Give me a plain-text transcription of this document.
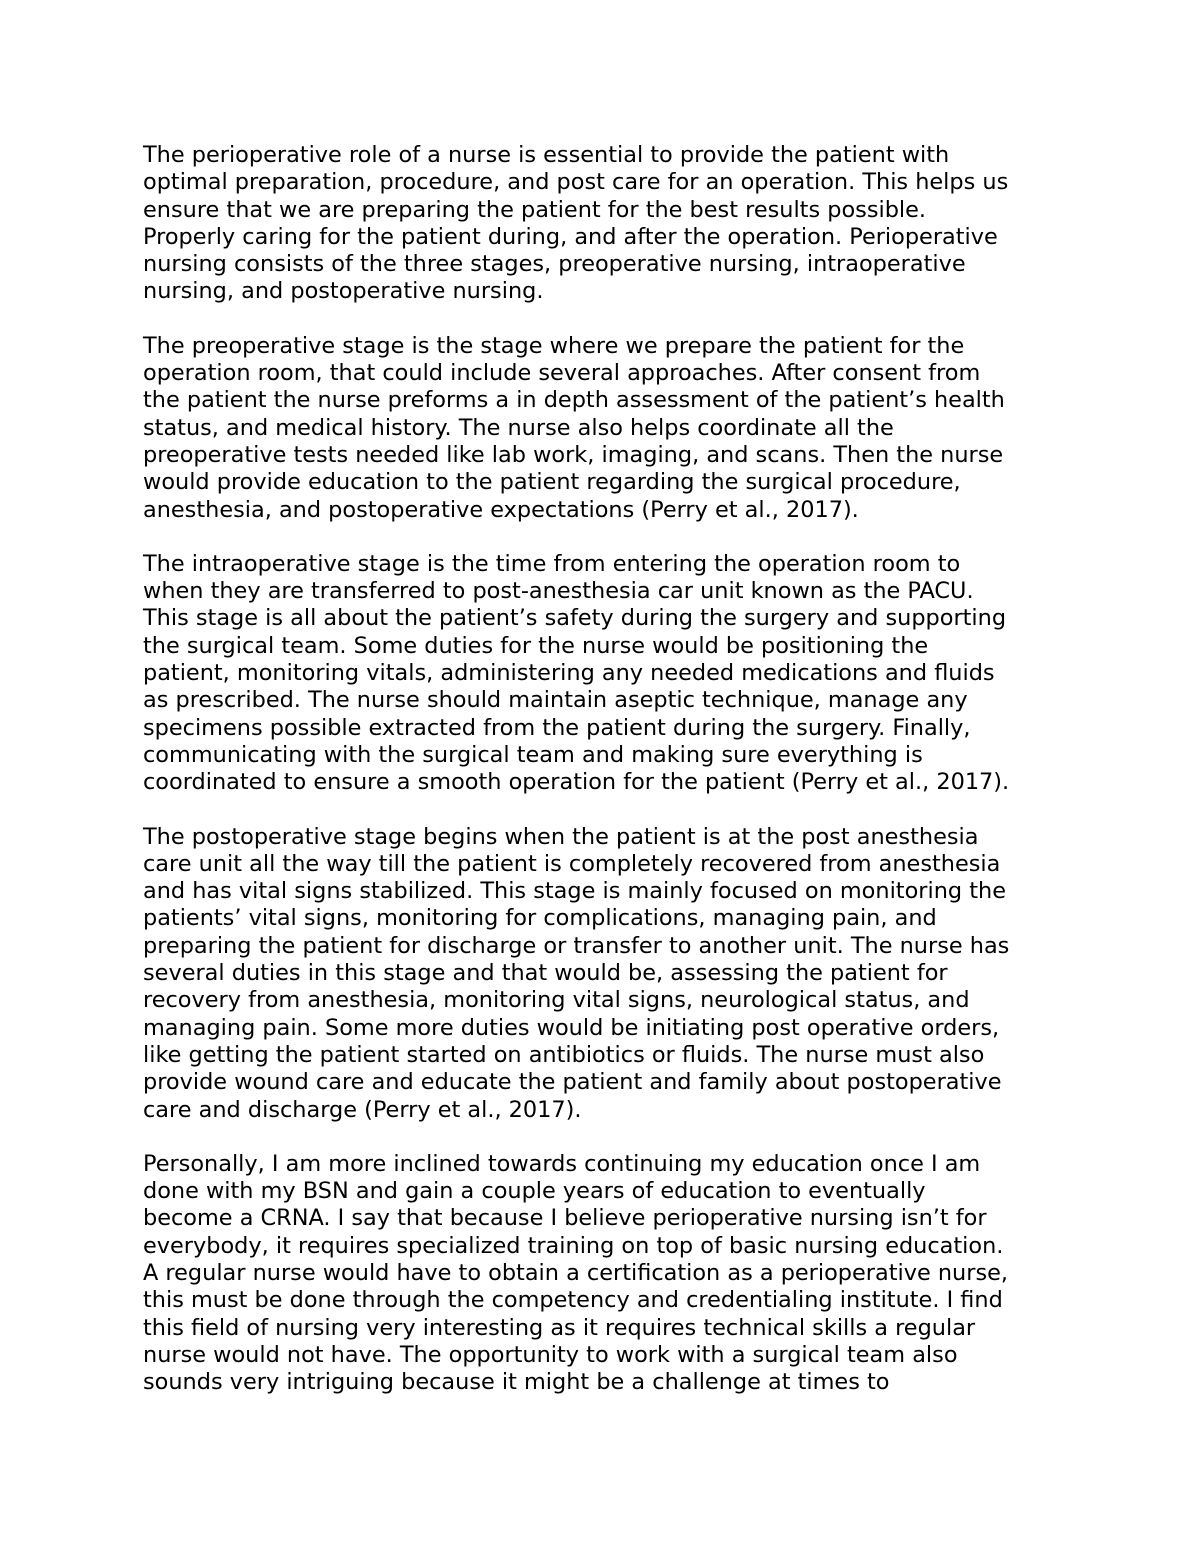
The perioperative role of a nurse is essential to provide the patient with
optimal preparation, procedure, and post care for an operation. This helps us
ensure that we are preparing the patient for the best results possible.
Properly caring for the patient during, and after the operation. Perioperative
nursing consists of the three stages, preoperative nursing, intraoperative
nursing, and postoperative nursing.

The preoperative stage is the stage where we prepare the patient for the
operation room, that could include several approaches. After consent from
the patient the nurse preforms a in depth assessment of the patient’s health
status, and medical history. The nurse also helps coordinate all the
preoperative tests needed like lab work, imaging, and scans. Then the nurse
would provide education to the patient regarding the surgical procedure,
anesthesia, and postoperative expectations (Perry et al., 2017).

The intraoperative stage is the time from entering the operation room to
when they are transferred to post-anesthesia car unit known as the PACU.
This stage is all about the patient’s safety during the surgery and supporting
the surgical team. Some duties for the nurse would be positioning the
patient, monitoring vitals, administering any needed medications and fluids
as prescribed. The nurse should maintain aseptic technique, manage any
specimens possible extracted from the patient during the surgery. Finally,
communicating with the surgical team and making sure everything is
coordinated to ensure a smooth operation for the patient (Perry et al., 2017).

The postoperative stage begins when the patient is at the post anesthesia
care unit all the way till the patient is completely recovered from anesthesia
and has vital signs stabilized. This stage is mainly focused on monitoring the
patients’ vital signs, monitoring for complications, managing pain, and
preparing the patient for discharge or transfer to another unit. The nurse has
several duties in this stage and that would be, assessing the patient for
recovery from anesthesia, monitoring vital signs, neurological status, and
managing pain. Some more duties would be initiating post operative orders,
like getting the patient started on antibiotics or fluids. The nurse must also
provide wound care and educate the patient and family about postoperative
care and discharge (Perry et al., 2017).

Personally, I am more inclined towards continuing my education once I am
done with my BSN and gain a couple years of education to eventually
become a CRNA. I say that because I believe perioperative nursing isn’t for
everybody, it requires specialized training on top of basic nursing education.
A regular nurse would have to obtain a certification as a perioperative nurse,
this must be done through the competency and credentialing institute. I find
this field of nursing very interesting as it requires technical skills a regular
nurse would not have. The opportunity to work with a surgical team also
sounds very intriguing because it might be a challenge at times to
